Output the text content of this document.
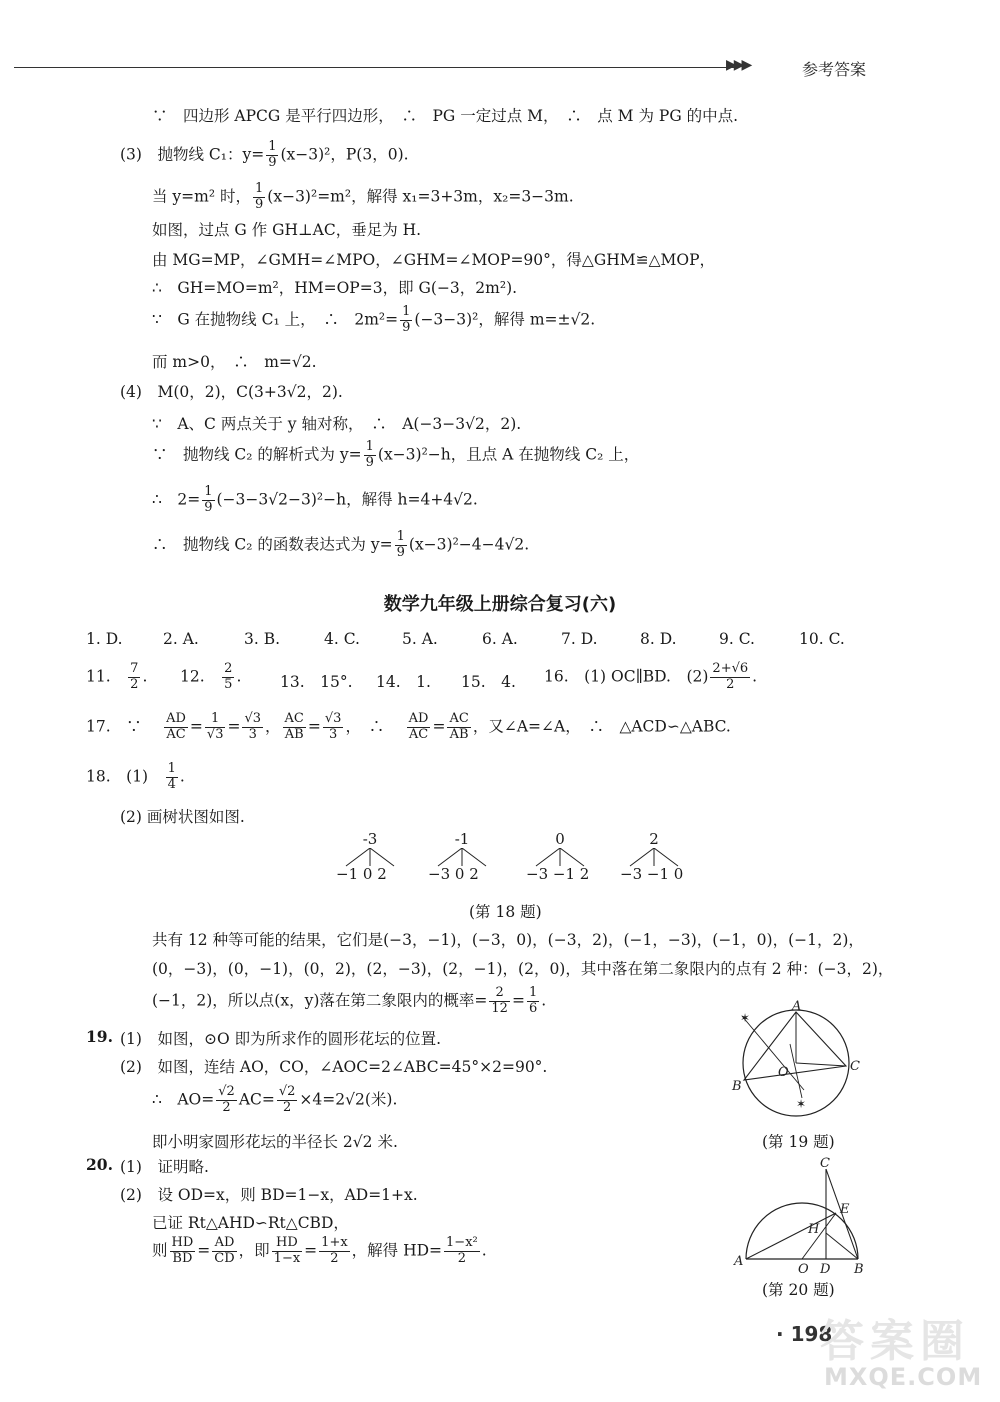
▶▶▶	参考答案
∵　四边形 APCG 是平行四边形，　∴　PG 一定过点 M，　∴　点 M 为 PG 的中点.
(3)　抛物线 C₁：$y= \frac{1}{9} (x-3)^2$，P(3，0).
当 y=m² 时， $\frac{1}{9} (x-3)^2=m^2$，解得 x₁=3+3m，x₂=3−3m.
如图，过点 G 作 GH⊥AC，垂足为 H.
由 MG=MP，∠GMH=∠MPO，∠GHM=∠MOP=90°，得△GHM≌△MOP，
∴　GH=MO=m²，HM=OP=3，即 G(−3，2m²).
∵　G 在抛物线 C₁ 上，　∴　$2m^2= \frac{1}{9} (-3-3)^2$，解得 m=±√2.
而 m>0，　∴　m=√2.
(4)　M(0，2)，C(3+3√2，2).
∵　A、C 两点关于 y 轴对称，　∴　A(−3−3√2，2).
∵　抛物线 C₂ 的解析式为 $y= \frac{1}{9} (x-3)^2-h$，且点 A 在抛物线 C₂ 上，
∴　$2= \frac{1}{9} (-3-3√2-3)^2-h$，解得 h=4+4√2.
∴　抛物线 C₂ 的函数表达式为 $y= \frac{1}{9} (x-3)^2-4-4√2$.
数学九年级上册综合复习(六)
1. D.	2. A.	3. B.	4. C.	5. A.	6. A.	7. D.	8. D.	9. C.	10. C.
11.　 $\frac{7}{2}$ . 12.　 $\frac{2}{5}$ . 13.　15°. 14.　1. 15.　4. 16.　(1) OC∥BD.　$(2) \frac{2+√6}{2}$ .
17.　∵　 $\frac{AD}{AC} = \frac{1}{√3} = \frac{√3}{3}$ ， $\frac{AC}{AB} = \frac{√3}{3}$ ，　∴　 $\frac{AD}{AC} = \frac{AC}{AB}$ ，又∠A=∠A，　∴　△ACD∽△ABC.
18.　(1)　 $\frac{1}{4}$ .
(2) 画树状图如图.
-3
−1 0 2
-1
−3 0 2
0
−3 −1 2
2
−3 −1 0
(第 18 题)
共有 12 种等可能的结果，它们是(−3，−1)，(−3，0)，(−3，2)，(−1，−3)，(−1，0)，(−1，2)，
(0，−3)，(0，−1)，(0，2)，(2，−3)，(2，−1)，(2，0)，其中落在第二象限内的点有 2 种：(−3，2)，
(−1，2)，所以点(x，y)落在第二象限内的概率= $\frac{2}{12} = \frac{1}{6}$ .
19. (1)　如图，⊙O 即为所求作的圆形花坛的位置.
(2)　如图，连结 AO，CO，∠AOC=2∠ABC=45°×2=90°.
∴　$AO= \frac{√2}{2} AC= \frac{√2}{2} \times 4=2√2$(米).
即小明家圆形花坛的半径长 2√2 米.
✶
✶
A
B
C
O
(第 19 题)
20. (1)　证明略.
(2)　设 OD=x，则 BD=1−x，AD=1+x.
已证 Rt△AHD∽Rt△CBD，
则 $\frac{HD}{BD} = \frac{AD}{CD}$ ，即 $\frac{HD}{1-x} = \frac{1+x}{2}$ ，解得 $HD= \frac{\text{1−x²}}{2}$ .
C
E
H
A
O D B
(第 20 题)
· 198
答案圈
MXQE.COM
